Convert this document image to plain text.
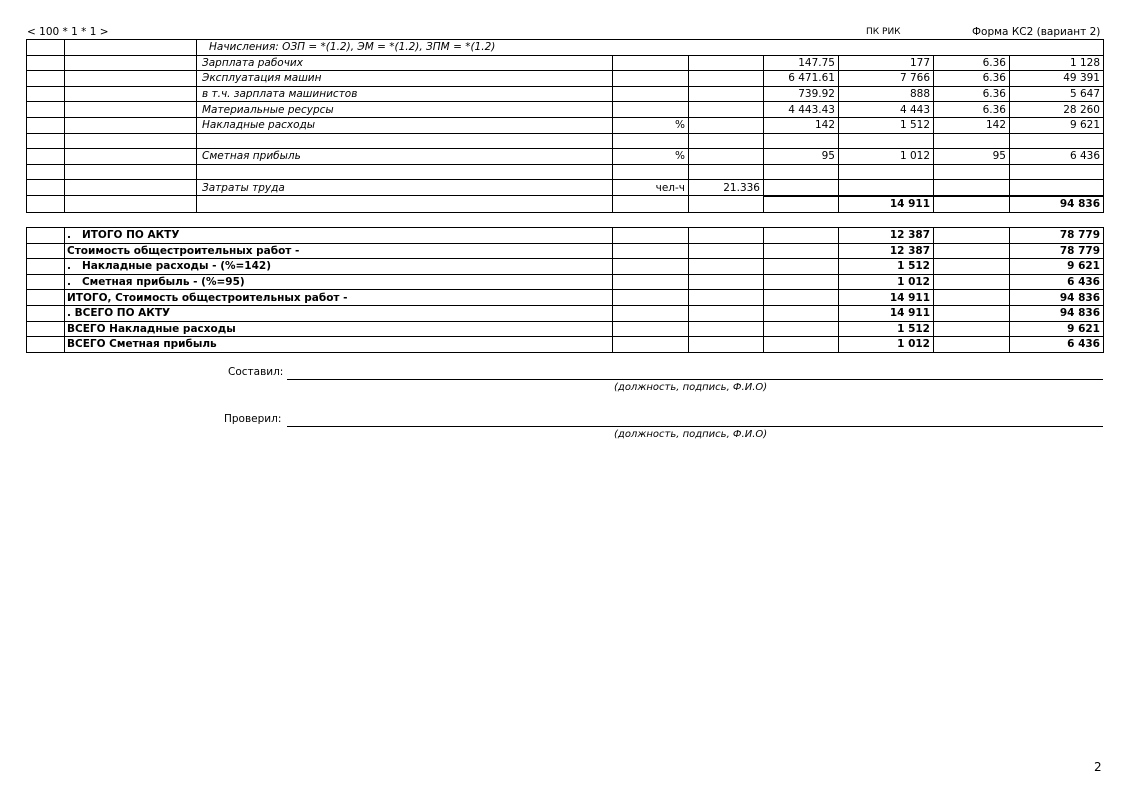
< 100 * 1 * 1 >	ПК РИК	Форма КС2 (вариант 2)
		Начисления: ОЗП = *(1.2), ЭМ = *(1.2), ЗПМ = *(1.2)						
		Зарплата рабочих			147.75	177	6.36	1 128
		Эксплуатация машин			6 471.61	7 766	6.36	49 391
		в т.ч. зарплата машинистов			739.92	888	6.36	5 647
		Материальные ресурсы			4 443.43	4 443	6.36	28 260
		Накладные расходы	%		142	1 512	142	9 621

		Сметная прибыль	%		95	1 012	95	6 436

		Затраты труда	чел-ч	21.336				
						14 911		94 836
	.   ИТОГО ПО АКТУ				12 387		78 779
	Стоимость общестроительных работ -				12 387		78 779
	.   Накладные расходы - (%=142)				1 512		9 621
	.   Сметная прибыль - (%=95)				1 012		6 436
	ИТОГО, Стоимость общестроительных работ -				14 911		94 836
	. ВСЕГО ПО АКТУ				14 911		94 836
	ВСЕГО Накладные расходы				1 512		9 621
	ВСЕГО Сметная прибыль				1 012		6 436
Составил:
(должность, подпись, Ф.И.О)
Проверил:
(должность, подпись, Ф.И.О)
2
